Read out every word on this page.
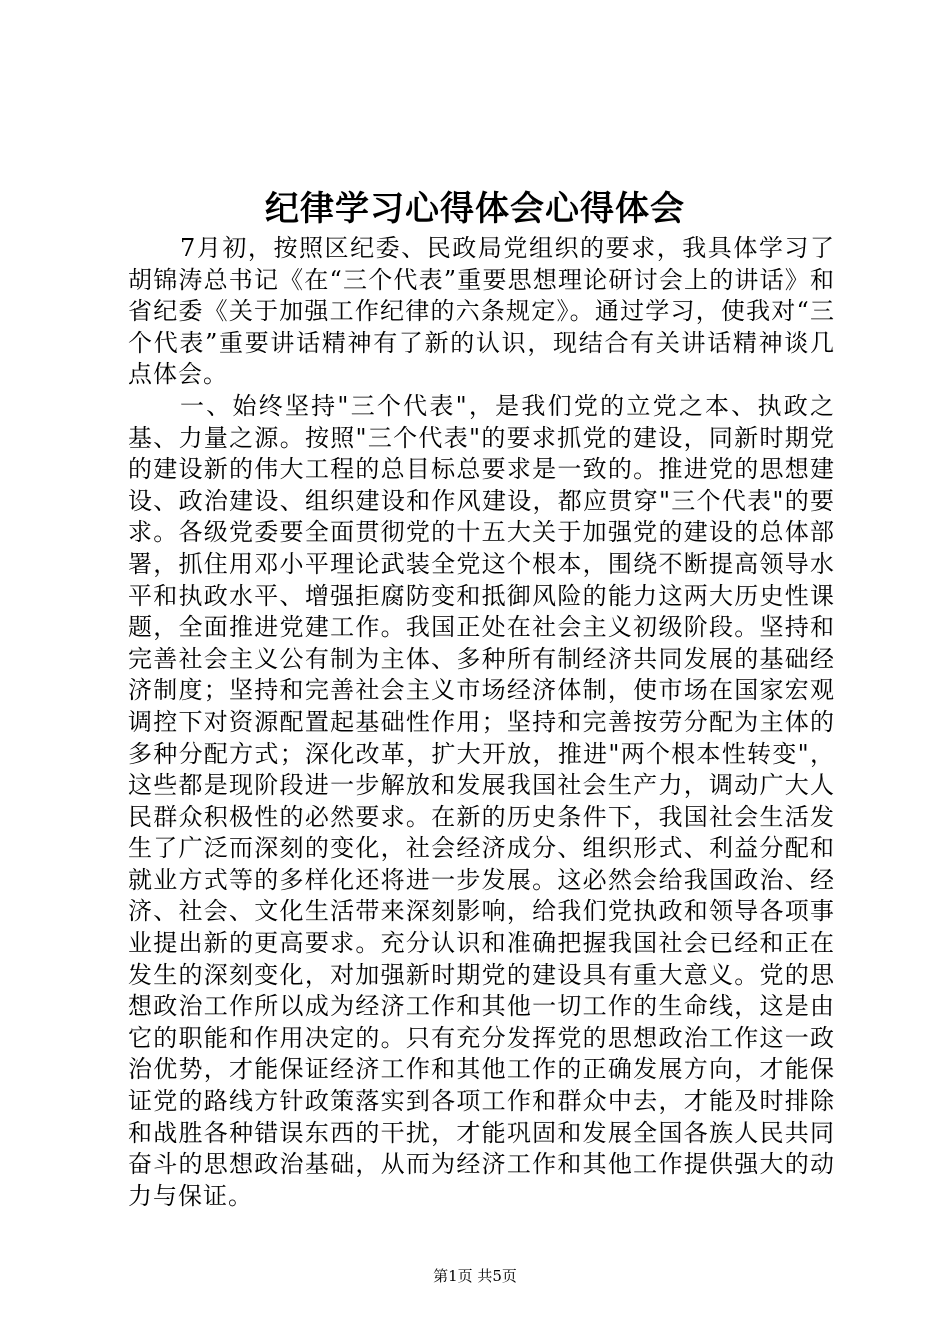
纪律学习心得体会心得体会

7月初，按照区纪委、民政局党组织的要求，我具体学习了胡锦涛总书记《在“三个代表”重要思想理论研讨会上的讲话》和省纪委《关于加强工作纪律的六条规定》。通过学习，使我对“三个代表”重要讲话精神有了新的认识，现结合有关讲话精神谈几点体会。

一、始终坚持"三个代表"，是我们党的立党之本、执政之基、力量之源。按照"三个代表"的要求抓党的建设，同新时期党的建设新的伟大工程的总目标总要求是一致的。推进党的思想建设、政治建设、组织建设和作风建设，都应贯穿"三个代表"的要求。各级党委要全面贯彻党的十五大关于加强党的建设的总体部署，抓住用邓小平理论武装全党这个根本，围绕不断提高领导水平和执政水平、增强拒腐防变和抵御风险的能力这两大历史性课题，全面推进党建工作。我国正处在社会主义初级阶段。坚持和完善社会主义公有制为主体、多种所有制经济共同发展的基础经济制度；坚持和完善社会主义市场经济体制，使市场在国家宏观调控下对资源配置起基础性作用；坚持和完善按劳分配为主体的多种分配方式；深化改革，扩大开放，推进"两个根本性转变"，这些都是现阶段进一步解放和发展我国社会生产力，调动广大人民群众积极性的必然要求。在新的历史条件下，我国社会生活发生了广泛而深刻的变化，社会经济成分、组织形式、利益分配和就业方式等的多样化还将进一步发展。这必然会给我国政治、经济、社会、文化生活带来深刻影响，给我们党执政和领导各项事业提出新的更高要求。充分认识和准确把握我国社会已经和正在发生的深刻变化，对加强新时期党的建设具有重大意义。党的思想政治工作所以成为经济工作和其他一切工作的生命线，这是由它的职能和作用决定的。只有充分发挥党的思想政治工作这一政治优势，才能保证经济工作和其他工作的正确发展方向，才能保证党的路线方针政策落实到各项工作和群众中去，才能及时排除和战胜各种错误东西的干扰，才能巩固和发展全国各族人民共同奋斗的思想政治基础，从而为经济工作和其他工作提供强大的动力与保证。

第1页 共5页
